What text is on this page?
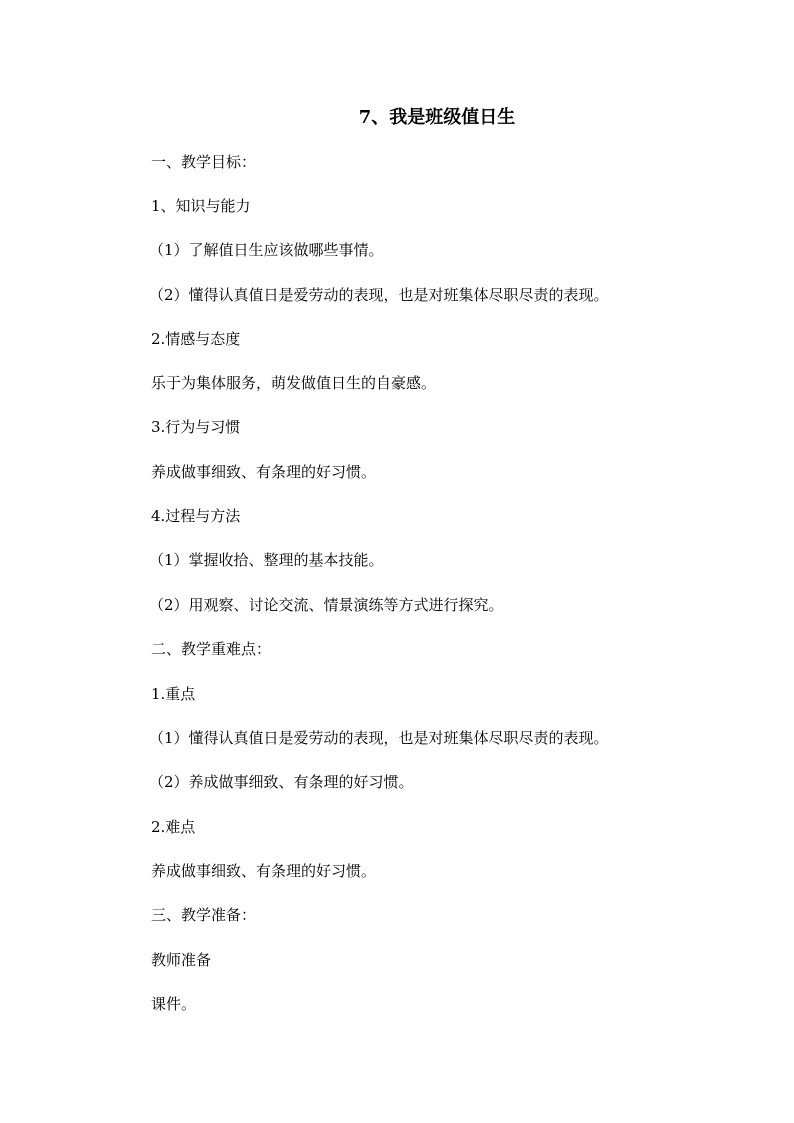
7、我是班级值日生
一、教学目标：
1、知识与能力
（1）了解值日生应该做哪些事情。
（2）懂得认真值日是爱劳动的表现，也是对班集体尽职尽责的表现。
2.情感与态度
乐于为集体服务，萌发做值日生的自豪感。
3.行为与习惯
养成做事细致、有条理的好习惯。
4.过程与方法
（1）掌握收拾、整理的基本技能。
（2）用观察、讨论交流、情景演练等方式进行探究。
二、教学重难点：
1.重点
（1）懂得认真值日是爱劳动的表现，也是对班集体尽职尽责的表现。
（2）养成做事细致、有条理的好习惯。
2.难点
养成做事细致、有条理的好习惯。
三、教学准备：
教师准备
课件。
